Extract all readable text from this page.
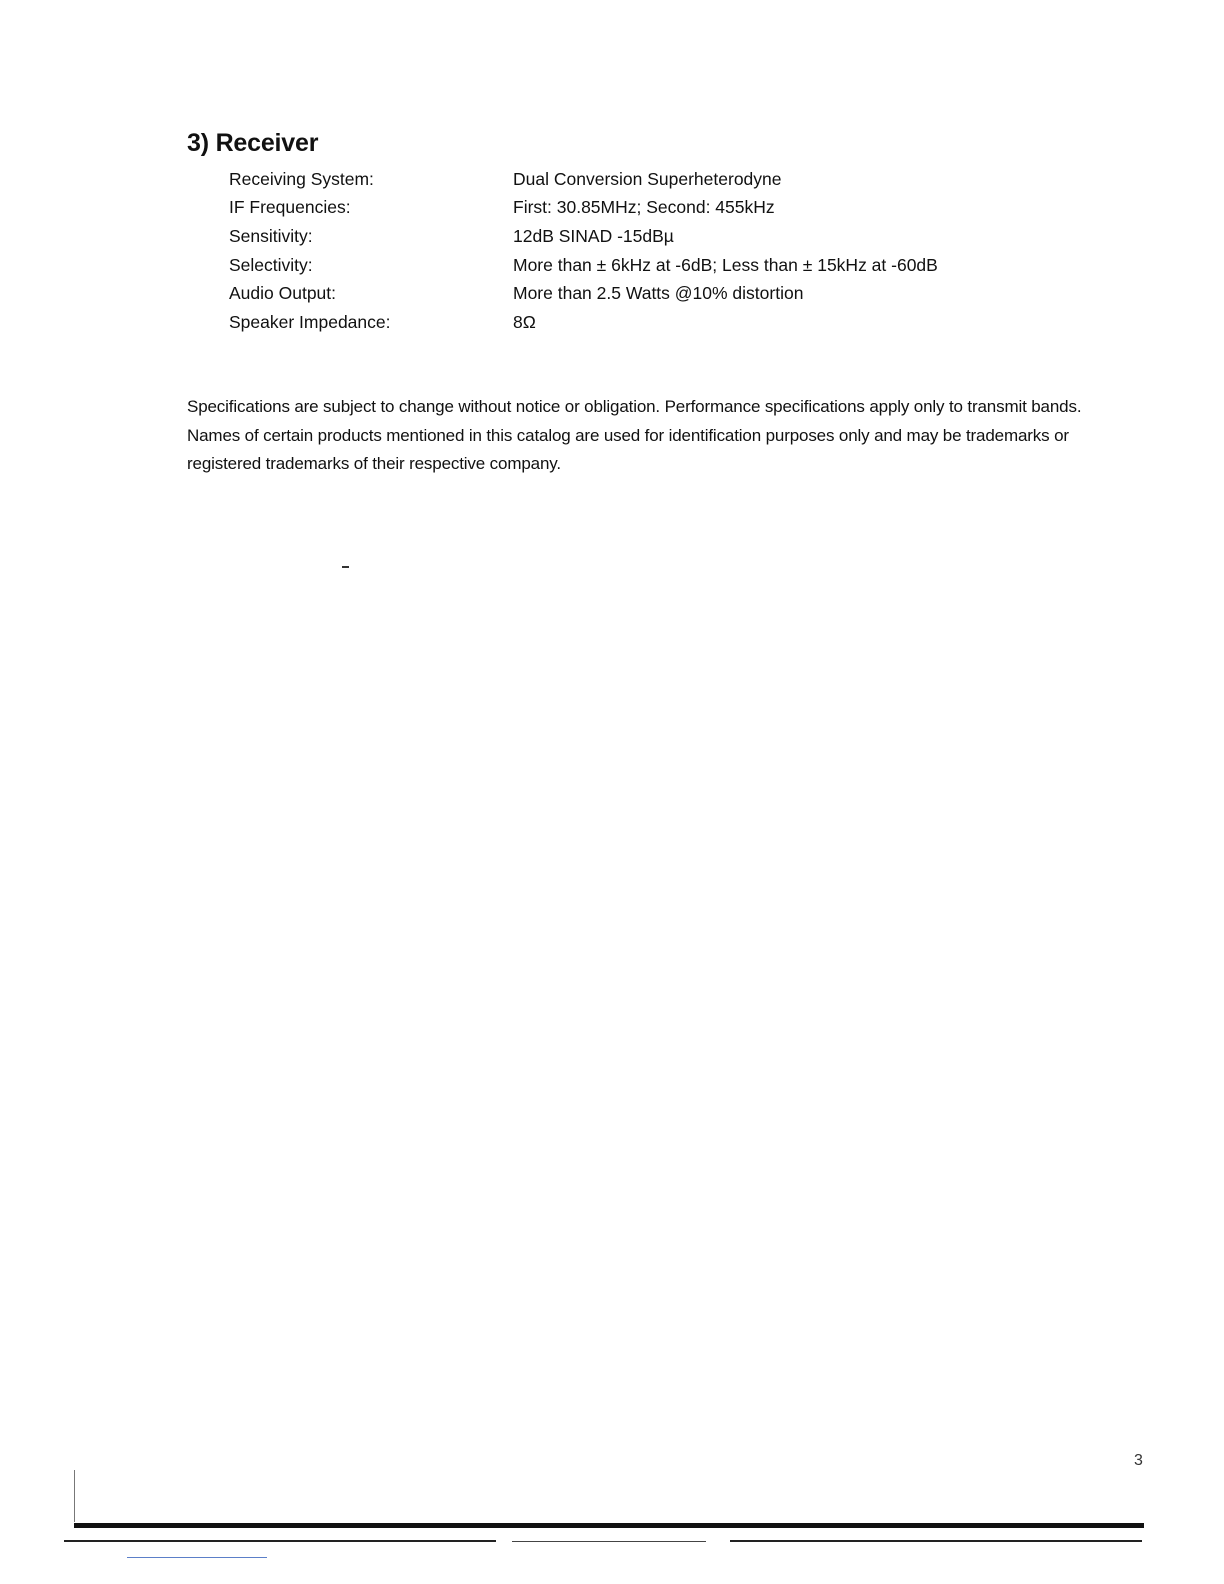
3) Receiver
Receiving System:	Dual Conversion Superheterodyne
IF Frequencies:	First: 30.85MHz; Second: 455kHz
Sensitivity:	12dB SINAD -15dBµ
Selectivity:	More than ± 6kHz at -6dB; Less than ± 15kHz at -60dB
Audio Output:	More than 2.5 Watts @10% distortion
Speaker Impedance:	8Ω

Specifications are subject to change without notice or obligation. Performance specifications apply only to transmit bands. Names of certain products mentioned in this catalog are used for identification purposes only and may be trademarks or registered trademarks of their respective company.

3
